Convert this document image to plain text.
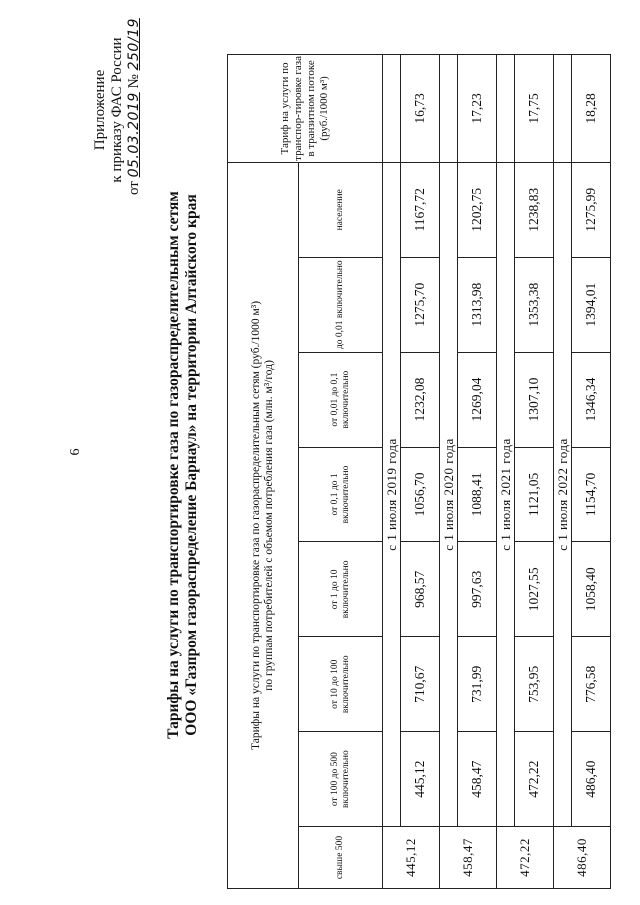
6
Приложение к приказу ФАС России
от 05.03.2019 № 250/19
Тарифы на услуги по транспортировке газа по газораспределительным сетям ООО «Газпром газораспределение Барнаул» на территории Алтайского края	Тарифы на услуги по транспортировке газа по газораспределительным сетям (руб./1000 м³) по группам потребителей с объемом потребления газа (млн. м³/год)								Тариф на услуги по транспор-тировке газа в транзитном потоке (руб./1000 м³)
свыше 500	от 100 до 500 включительно	от 10 до 100 включительно	от 1 до 10 включительно	от 0,1 до 1 включительно	от 0,01 до 0,1 включительно	до 0,01 включительно	население	
445,12	с 1 июля 2019 года							
	445,12	710,67	968,57	1056,70	1232,08	1275,70	1167,72	16,73
458,47	с 1 июля 2020 года							
	458,47	731,99	997,63	1088,41	1269,04	1313,98	1202,75	17,23
472,22	с 1 июля 2021 года							
	472,22	753,95	1027,55	1121,05	1307,10	1353,38	1238,83	17,75
486,40	с 1 июля 2022 года							
	486,40	776,58	1058,40	1154,70	1346,34	1394,01	1275,99	18,28
